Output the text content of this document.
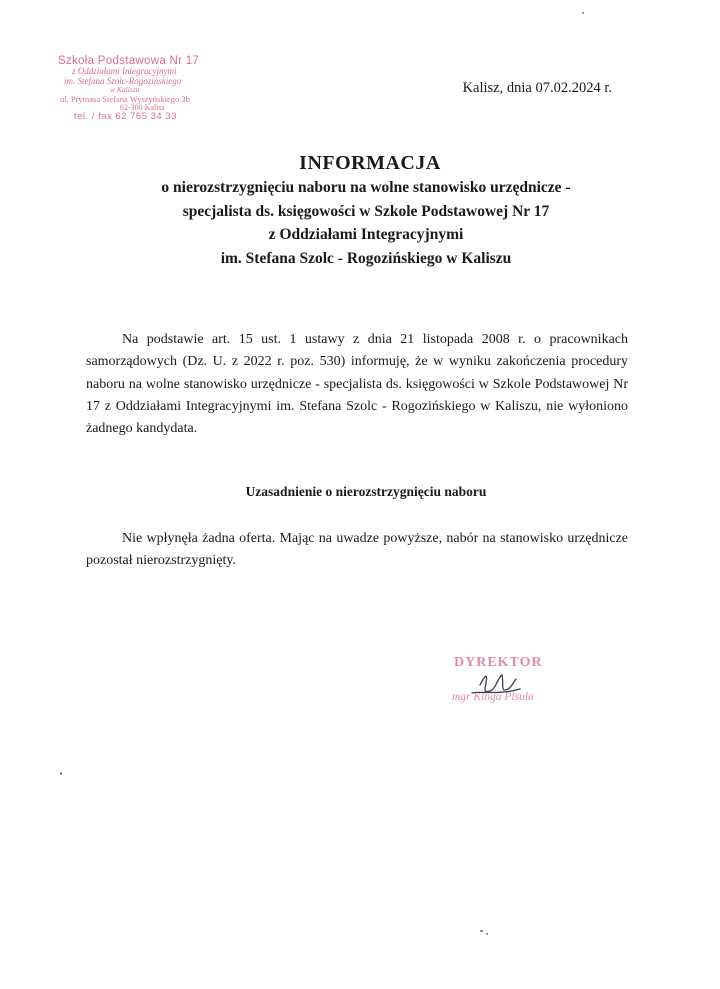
Szkoła Podstawowa Nr 17
z Oddziałami Integracyjnymi
im. Stefana Szolc-Rogozińskiego
w Kaliszu
ul. Prymasa Stefana Wyszyńskiego 3b
62-300 Kalisz
tel. / fax 62 765 34 33
Kalisz, dnia 07.02.2024 r.
INFORMACJA
o nierozstrzygnięciu naboru na wolne stanowisko urzędnicze -
specjalista ds. księgowości w Szkole Podstawowej Nr 17
z Oddziałami Integracyjnymi
im. Stefana Szolc - Rogozińskiego w Kaliszu
Na podstawie art. 15 ust. 1 ustawy z dnia 21 listopada 2008 r. o pracownikach samorządowych (Dz. U. z 2022 r. poz. 530) informuję, że w wyniku zakończenia procedury naboru na wolne stanowisko urzędnicze - specjalista ds. księgowości w Szkole Podstawowej Nr 17 z Oddziałami Integracyjnymi im. Stefana Szolc - Rogozińskiego w Kaliszu, nie wyłoniono żadnego kandydata.
Uzasadnienie o nierozstrzygnięciu naboru
Nie wpłynęła żadna oferta. Mając na uwadze powyższe, nabór na stanowisko urzędnicze pozostał nierozstrzygnięty.
DYREKTOR
mgr Kinga Pisula
